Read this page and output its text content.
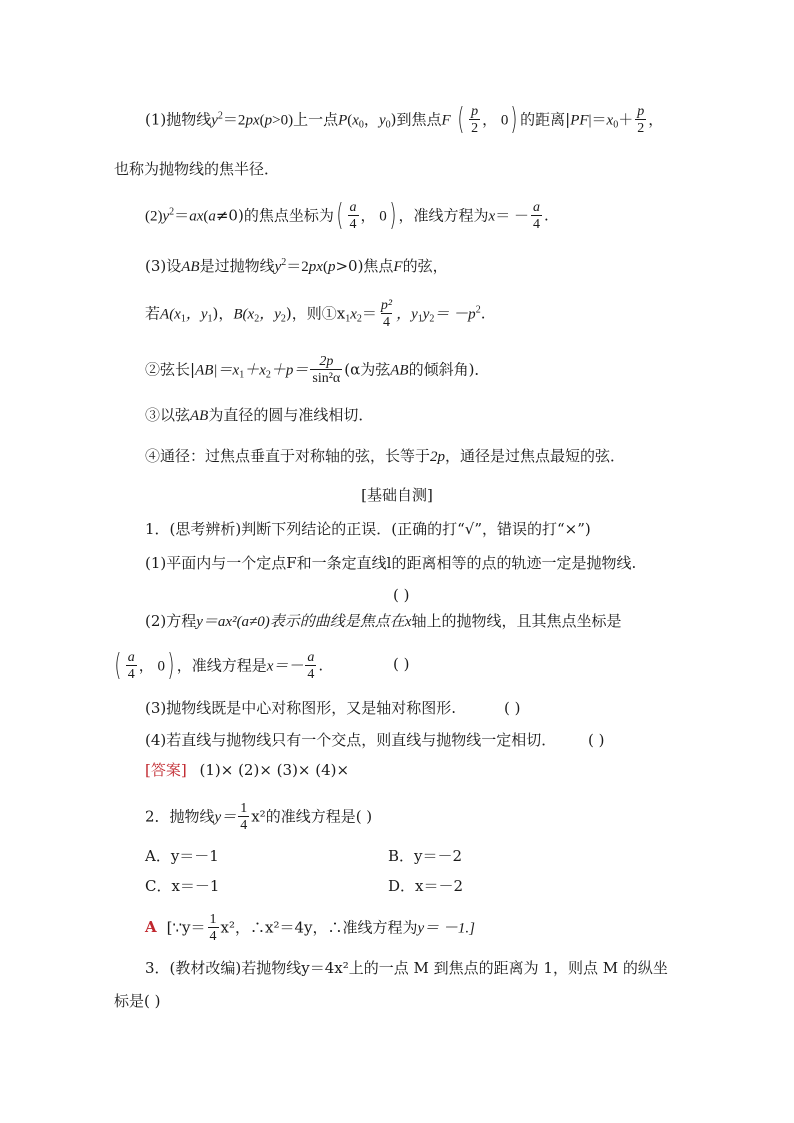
(1)抛物线$y^2=2px(p>0)$上一点$P(x_0$，$y_0$)到焦点F ( $\frac{p}{2}$ ， 0) 的距离$|PF|=x_0+ \frac{p}{2}$ ，
也称为抛物线的焦半径．
$(2)y^2=ax(a\ne 0)$的焦点坐标为( $\frac{a}{4}$ ， 0) ，准线方程为$x= - \frac{a}{4}$ .
(3)设AB是过抛物线$y^2=2px(p>0)$焦点F的弦，
若$A(x_1$，$y_1$)，$B(x_2$，$y_2$)，则$①x_1x_2= \frac{\text{p²}}{4}$ ，$y_1y_2= -p^2$.
②弦长$|AB|=x_1+x_2+p= \frac{2p}{\text{sin²α}} (\alpha$为弦AB的倾斜角)．
③以弦AB为直径的圆与准线相切．
④通径：过焦点垂直于对称轴的弦，长等于2p，通径是过焦点最短的弦．
[基础自测]
1．(思考辨析)判断下列结论的正误．(正确的打“√”，错误的打“×”)
(1)平面内与一个定点F和一条定直线l的距离相等的点的轨迹一定是抛物线.
( )
(2)方程y＝ax²(a≠0)表示的曲线是焦点在x轴上的抛物线，且其焦点坐标是
( $\frac{a}{4}$ ， 0) ，准线方程是$x=- \frac{a}{4}$ .	( )
(3)抛物线既是中心对称图形，又是轴对称图形.	( )
(4)若直线与抛物线只有一个交点，则直线与抛物线一定相切． ( )
[答案] (1)× (2)× (3)× (4)×
2．抛物线$y= \frac{1}{4} x^2$的准线方程是( )
A．y＝－1	B．y＝－2
C．x＝－1	D．x＝－2
A [∵y＝ $\frac{1}{4} x^2$，∴x²＝4y，∴准线方程为y＝ －1.]
3．(教材改编)若抛物线y＝4x²上的一点 M 到焦点的距离为 1，则点 M 的纵坐
标是( )
